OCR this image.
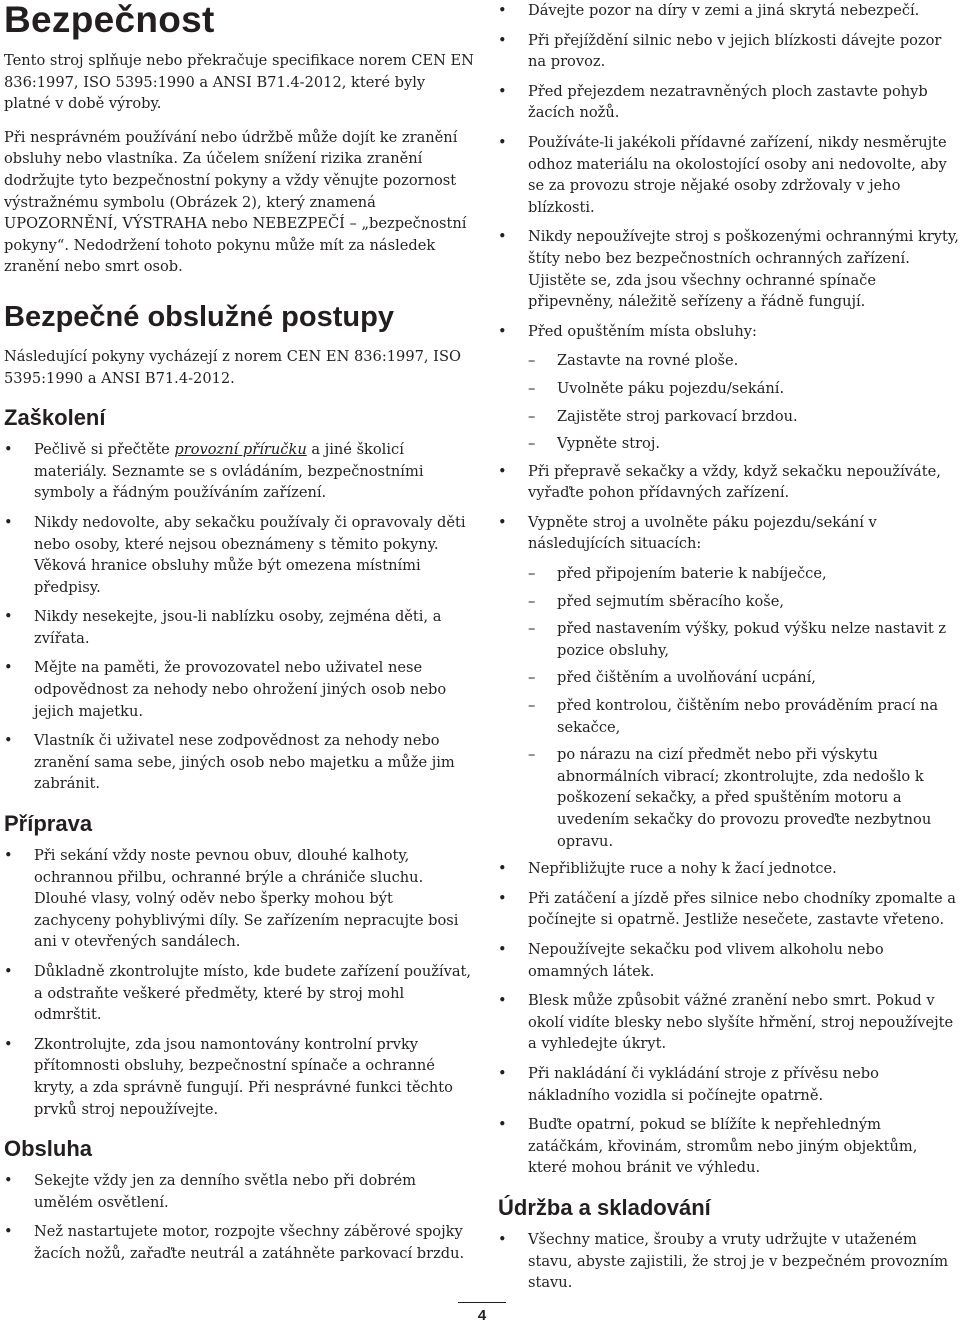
Bezpečnost

Tento stroj splňuje nebo překračuje specifikace norem CEN EN 836:1997, ISO 5395:1990 a ANSI B71.4-2012, které byly platné v době výroby.

Při nesprávném používání nebo údržbě může dojít ke zranění obsluhy nebo vlastníka. Za účelem snížení rizika zranění dodržujte tyto bezpečnostní pokyny a vždy věnujte pozornost výstražnému symbolu (Obrázek 2), který znamená UPOZORNĚNÍ, VÝSTRAHA nebo NEBEZPEČÍ – „bezpečnostní pokyny“. Nedodržení tohoto pokynu může mít za následek zranění nebo smrt osob.

Bezpečné obslužné postupy

Následující pokyny vycházejí z norem CEN EN 836:1997, ISO 5395:1990 a ANSI B71.4-2012.

Zaškolení
•	Pečlivě si přečtěte provozní příručku a jiné školicí materiály. Seznamte se s ovládáním, bezpečnostními symboly a řádným používáním zařízení.
•	Nikdy nedovolte, aby sekačku používaly či opravovaly děti nebo osoby, které nejsou obeznámeny s těmito pokyny. Věková hranice obsluhy může být omezena místními předpisy.
•	Nikdy nesekejte, jsou-li nablízku osoby, zejména děti, a zvířata.
•	Mějte na paměti, že provozovatel nebo uživatel nese odpovědnost za nehody nebo ohrožení jiných osob nebo jejich majetku.
•	Vlastník či uživatel nese zodpovědnost za nehody nebo zranění sama sebe, jiných osob nebo majetku a může jim zabránit.
Příprava
•	Při sekání vždy noste pevnou obuv, dlouhé kalhoty, ochrannou přilbu, ochranné brýle a chrániče sluchu. Dlouhé vlasy, volný oděv nebo šperky mohou být zachyceny pohyblivými díly. Se zařízením nepracujte bosi ani v otevřených sandálech.
•	Důkladně zkontrolujte místo, kde budete zařízení používat, a odstraňte veškeré předměty, které by stroj mohl odmrštit.
•	Zkontrolujte, zda jsou namontovány kontrolní prvky přítomnosti obsluhy, bezpečnostní spínače a ochranné kryty, a zda správně fungují. Při nesprávné funkci těchto prvků stroj nepoužívejte.
Obsluha
•	Sekejte vždy jen za denního světla nebo při dobrém umělém osvětlení.
•	Než nastartujete motor, rozpojte všechny záběrové spojky žacích nožů, zařaďte neutrál a zatáhněte parkovací brzdu.
•	Dávejte pozor na díry v zemi a jiná skrytá nebezpečí.
•	Při přejíždění silnic nebo v jejich blízkosti dávejte pozor na provoz.
•	Před přejezdem nezatravněných ploch zastavte pohyb žacích nožů.
•	Používáte-li jakékoli přídavné zařízení, nikdy nesměrujte odhoz materiálu na okolostojící osoby ani nedovolte, aby se za provozu stroje nějaké osoby zdržovaly v jeho blízkosti.
•	Nikdy nepoužívejte stroj s poškozenými ochrannými kryty, štíty nebo bez bezpečnostních ochranných zařízení. Ujistěte se, zda jsou všechny ochranné spínače připevněny, náležitě seřízeny a řádně fungují.
•	Před opuštěním místa obsluhy:
–	Zastavte na rovné ploše.
–	Uvolněte páku pojezdu/sekání.
–	Zajistěte stroj parkovací brzdou.
–	Vypněte stroj.
•	Při přepravě sekačky a vždy, když sekačku nepoužíváte, vyřaďte pohon přídavných zařízení.
•	Vypněte stroj a uvolněte páku pojezdu/sekání v následujících situacích:
–	před připojením baterie k nabíječce,
–	před sejmutím sběracího koše,
–	před nastavením výšky, pokud výšku nelze nastavit z pozice obsluhy,
–	před čištěním a uvolňování ucpání,
–	před kontrolou, čištěním nebo prováděním prací na sekačce,
–	po nárazu na cizí předmět nebo při výskytu abnormálních vibrací; zkontrolujte, zda nedošlo k poškození sekačky, a před spuštěním motoru a uvedením sekačky do provozu proveďte nezbytnou opravu.
•	Nepřibližujte ruce a nohy k žací jednotce.
•	Při zatáčení a jízdě přes silnice nebo chodníky zpomalte a počínejte si opatrně. Jestliže nesečete, zastavte vřeteno.
•	Nepoužívejte sekačku pod vlivem alkoholu nebo omamných látek.
•	Blesk může způsobit vážné zranění nebo smrt. Pokud v okolí vidíte blesky nebo slyšíte hřmění, stroj nepoužívejte a vyhledejte úkryt.
•	Při nakládání či vykládání stroje z přívěsu nebo nákladního vozidla si počínejte opatrně.
•	Buďte opatrní, pokud se blížíte k nepřehledným zatáčkám, křovinám, stromům nebo jiným objektům, které mohou bránit ve výhledu.
Údržba a skladování
•	Všechny matice, šrouby a vruty udržujte v utaženém stavu, abyste zajistili, že stroj je v bezpečném provozním stavu.
4
